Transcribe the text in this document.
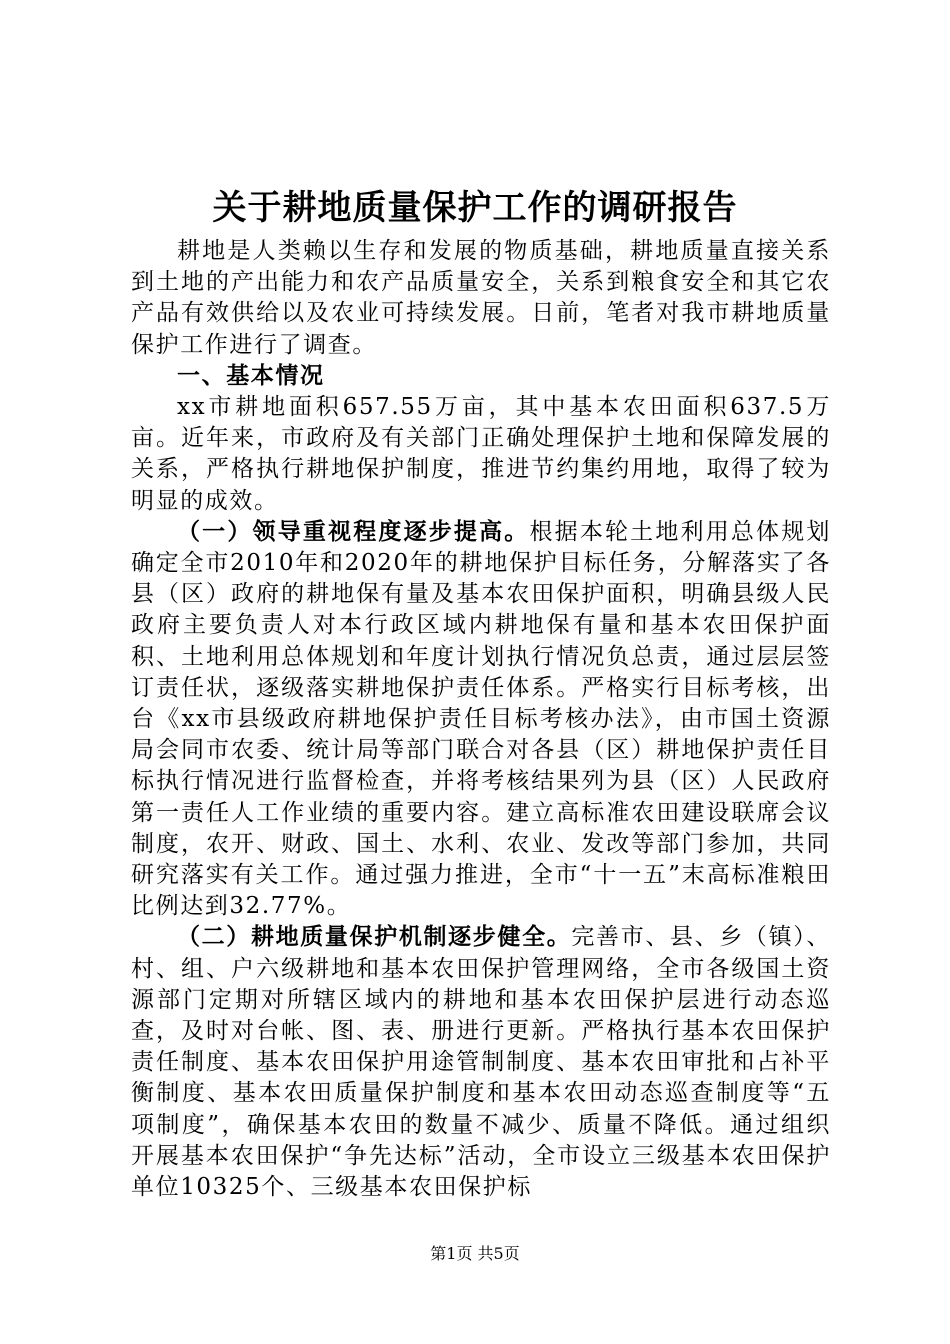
关于耕地质量保护工作的调研报告

耕地是人类赖以生存和发展的物质基础，耕地质量直接关系到土地的产出能力和农产品质量安全，关系到粮食安全和其它农产品有效供给以及农业可持续发展。日前，笔者对我市耕地质量保护工作进行了调查。

一、基本情况

xx市耕地面积657.55万亩，其中基本农田面积637.5万亩。近年来，市政府及有关部门正确处理保护土地和保障发展的关系，严格执行耕地保护制度，推进节约集约用地，取得了较为明显的成效。

（一）领导重视程度逐步提高。根据本轮土地利用总体规划确定全市2010年和2020年的耕地保护目标任务，分解落实了各县（区）政府的耕地保有量及基本农田保护面积，明确县级人民政府主要负责人对本行政区域内耕地保有量和基本农田保护面积、土地利用总体规划和年度计划执行情况负总责，通过层层签订责任状，逐级落实耕地保护责任体系。严格实行目标考核，出台《xx市县级政府耕地保护责任目标考核办法》，由市国土资源局会同市农委、统计局等部门联合对各县（区）耕地保护责任目标执行情况进行监督检查，并将考核结果列为县（区）人民政府第一责任人工作业绩的重要内容。建立高标准农田建设联席会议制度，农开、财政、国土、水利、农业、发改等部门参加，共同研究落实有关工作。通过强力推进，全市“十一五”末高标准粮田比例达到32.77%。

（二）耕地质量保护机制逐步健全。完善市、县、乡（镇）、村、组、户六级耕地和基本农田保护管理网络，全市各级国土资源部门定期对所辖区域内的耕地和基本农田保护层进行动态巡查，及时对台帐、图、表、册进行更新。严格执行基本农田保护责任制度、基本农田保护用途管制制度、基本农田审批和占补平衡制度、基本农田质量保护制度和基本农田动态巡查制度等“五项制度”，确保基本农田的数量不减少、质量不降低。通过组织开展基本农田保护“争先达标”活动，全市设立三级基本农田保护单位10325个、三级基本农田保护标

第1页 共5页
